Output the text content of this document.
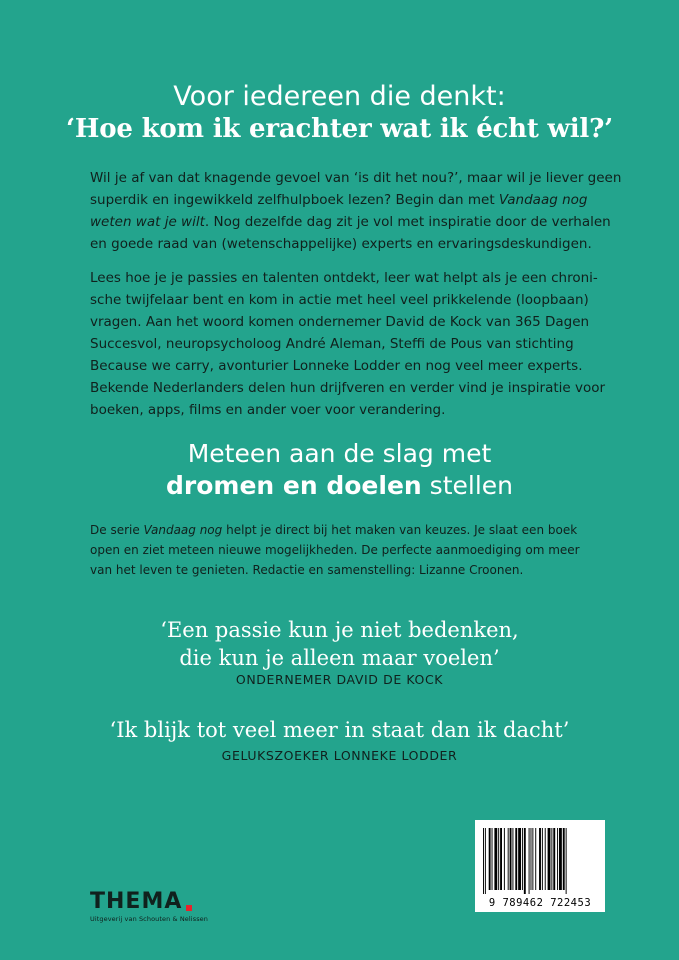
Voor iedereen die denkt:
‘Hoe kom ik erachter wat ik écht wil?’
Wil je af van dat knagende gevoel van ‘is dit het nou?’, maar wil je liever geen
superdik en ingewikkeld zelfhulpboek lezen? Begin dan met Vandaag nog
weten wat je wilt. Nog dezelfde dag zit je vol met inspiratie door de verhalen
en goede raad van (wetenschappelijke) experts en ervaringsdeskundigen.
Lees hoe je je passies en talenten ontdekt, leer wat helpt als je een chroni-
sche twijfelaar bent en kom in actie met heel veel prikkelende (loopbaan)
vragen. Aan het woord komen ondernemer David de Kock van 365 Dagen
Succesvol, neuropsycholoog André Aleman, Steffi de Pous van stichting
Because we carry, avonturier Lonneke Lodder en nog veel meer experts.
Bekende Nederlanders delen hun drijfveren en verder vind je inspiratie voor
boeken, apps, films en ander voer voor verandering.
Meteen aan de slag met
dromen en doelen stellen
De serie Vandaag nog helpt je direct bij het maken van keuzes. Je slaat een boek
open en ziet meteen nieuwe mogelijkheden. De perfecte aanmoediging om meer
van het leven te genieten. Redactie en samenstelling: Lizanne Croonen.
‘Een passie kun je niet bedenken,
die kun je alleen maar voelen’
ONDERNEMER DAVID DE KOCK
‘Ik blijk tot veel meer in staat dan ik dacht’
GELUKSZOEKER LONNEKE LODDER
THEMA
Uitgeverij van Schouten & Nelissen
9 789462 722453
